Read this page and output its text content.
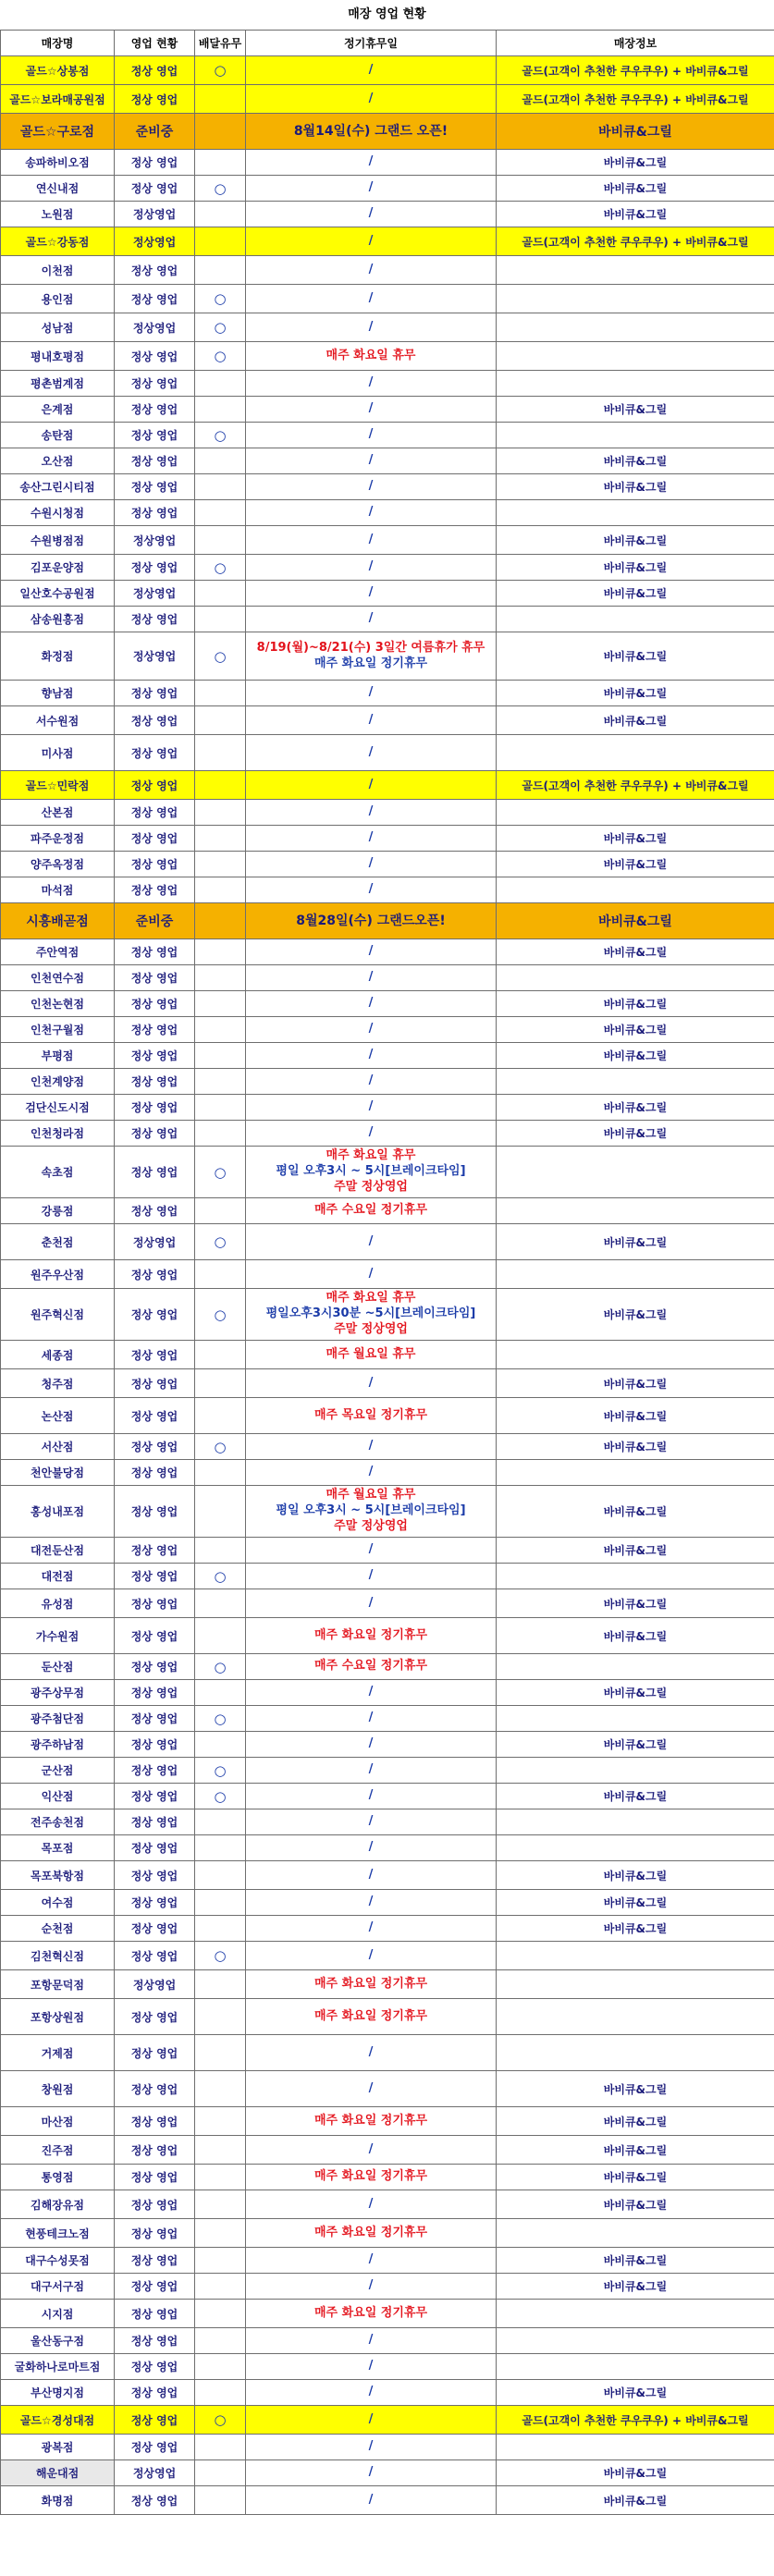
매장 영업 현황
매장명	영업 현황	배달유무	정기휴무일	매장정보
골드☆상봉점	정상 영업	○	/	골드(고객이 추천한 쿠우쿠우) + 바비큐&그릴
골드☆보라매공원점	정상 영업		/	골드(고객이 추천한 쿠우쿠우) + 바비큐&그릴
골드☆구로점	준비중		8월14일(수) 그랜드 오픈!	바비큐&그릴
송파하비오점	정상 영업		/	바비큐&그릴
연신내점	정상 영업	○	/	바비큐&그릴
노원점	정상영업		/	바비큐&그릴
골드☆강동점	정상영업		/	골드(고객이 추천한 쿠우쿠우) + 바비큐&그릴
이천점	정상 영업		/	

용인점	정상 영업	○	/	

성남점	정상영업	○	/	

평내호평점	정상 영업	○	매주 화요일 휴무	

평촌범계점	정상 영업		/	

은계점	정상 영업		/	바비큐&그릴
송탄점	정상 영업	○	/	

오산점	정상 영업		/	바비큐&그릴
송산그린시티점	정상 영업		/	바비큐&그릴
수원시청점	정상 영업		/	

수원병점점	정상영업		/	바비큐&그릴
김포운양점	정상 영업	○	/	바비큐&그릴
일산호수공원점	정상영업		/	바비큐&그릴
삼송원흥점	정상 영업		/	

화정점	정상영업	○	8/19(월)~8/21(수) 3일간 여름휴가 휴무
매주 화요일 정기휴무	바비큐&그릴
향남점	정상 영업		/	바비큐&그릴
서수원점	정상 영업		/	바비큐&그릴
미사점	정상 영업		/	

골드☆민락점	정상 영업		/	골드(고객이 추천한 쿠우쿠우) + 바비큐&그릴
산본점	정상 영업		/	

파주운정점	정상 영업		/	바비큐&그릴
양주옥정점	정상 영업		/	바비큐&그릴
마석점	정상 영업		/	

시흥배곧점	준비중		8월28일(수) 그랜드오픈!	바비큐&그릴
주안역점	정상 영업		/	바비큐&그릴
인천연수점	정상 영업		/	

인천논현점	정상 영업		/	바비큐&그릴
인천구월점	정상 영업		/	바비큐&그릴
부평점	정상 영업		/	바비큐&그릴
인천계양점	정상 영업		/	

검단신도시점	정상 영업		/	바비큐&그릴
인천청라점	정상 영업		/	바비큐&그릴
속초점	정상 영업	○	매주 화요일 휴무
평일 오후3시 ~ 5시[브레이크타임]
주말 정상영업	

강릉점	정상 영업		매주 수요일 정기휴무	

춘천점	정상영업	○	/	바비큐&그릴
원주우산점	정상 영업		/	

원주혁신점	정상 영업	○	매주 화요일 휴무
평일오후3시30분 ~5시[브레이크타임]
주말 정상영업	바비큐&그릴
세종점	정상 영업		매주 월요일 휴무	

청주점	정상 영업		/	바비큐&그릴
논산점	정상 영업		매주 목요일 정기휴무	바비큐&그릴
서산점	정상 영업	○	/	바비큐&그릴
천안불당점	정상 영업		/	

홍성내포점	정상 영업		매주 월요일 휴무
평일 오후3시 ~ 5시[브레이크타임]
주말 정상영업	바비큐&그릴
대전둔산점	정상 영업		/	바비큐&그릴
대전점	정상 영업	○	/	

유성점	정상 영업		/	바비큐&그릴
가수원점	정상 영업		매주 화요일 정기휴무	바비큐&그릴
둔산점	정상 영업	○	매주 수요일 정기휴무	

광주상무점	정상 영업		/	바비큐&그릴
광주첨단점	정상 영업	○	/	

광주하남점	정상 영업		/	바비큐&그릴
군산점	정상 영업	○	/	

익산점	정상 영업	○	/	바비큐&그릴
전주송천점	정상 영업		/	

목포점	정상 영업		/	

목포북항점	정상 영업		/	바비큐&그릴
여수점	정상 영업		/	바비큐&그릴
순천점	정상 영업		/	바비큐&그릴
김천혁신점	정상 영업	○	/	

포항문덕점	정상영업		매주 화요일 정기휴무	

포항상원점	정상 영업		매주 화요일 정기휴무	

거제점	정상 영업		/	

창원점	정상 영업		/	바비큐&그릴
마산점	정상 영업		매주 화요일 정기휴무	바비큐&그릴
진주점	정상 영업		/	바비큐&그릴
통영점	정상 영업		매주 화요일 정기휴무	바비큐&그릴
김해장유점	정상 영업		/	바비큐&그릴
현풍테크노점	정상 영업		매주 화요일 정기휴무	

대구수성못점	정상 영업		/	바비큐&그릴
대구서구점	정상 영업		/	바비큐&그릴
시지점	정상 영업		매주 화요일 정기휴무	

울산동구점	정상 영업		/	

굴화하나로마트점	정상 영업		/	

부산명지점	정상 영업		/	바비큐&그릴
골드☆경성대점	정상 영업	○	/	골드(고객이 추천한 쿠우쿠우) + 바비큐&그릴
광복점	정상 영업		/	

해운대점	정상영업		/	바비큐&그릴
화명점	정상 영업		/	바비큐&그릴
